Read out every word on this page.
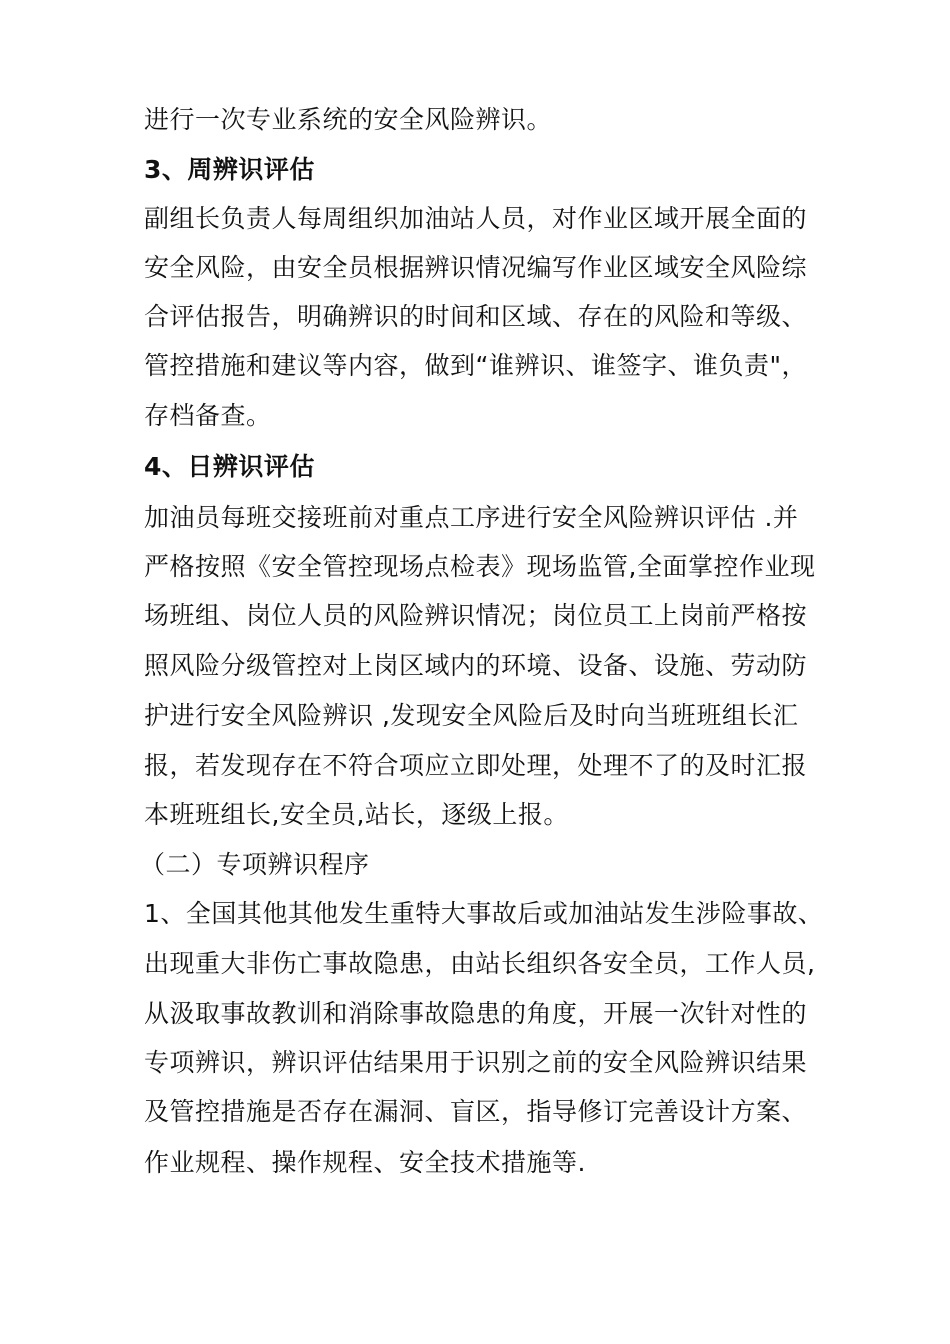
进行一次专业系统的安全风险辨识。
3、周辨识评估
副组长负责人每周组织加油站人员，对作业区域开展全面的
安全风险，由安全员根据辨识情况编写作业区域安全风险综
合评估报告，明确辨识的时间和区域、存在的风险和等级、
管控措施和建议等内容，做到“谁辨识、谁签字、谁负责"，
存档备查。
4、日辨识评估
加油员每班交接班前对重点工序进行安全风险辨识评估 .并
严格按照《安全管控现场点检表》现场监管,全面掌控作业现
场班组、岗位人员的风险辨识情况；岗位员工上岗前严格按
照风险分级管控对上岗区域内的环境、设备、设施、劳动防
护进行安全风险辨识 ,发现安全风险后及时向当班班组长汇
报，若发现存在不符合项应立即处理，处理不了的及时汇报
本班班组长,安全员,站长，逐级上报。
（二）专项辨识程序
1、全国其他其他发生重特大事故后或加油站发生涉险事故、
出现重大非伤亡事故隐患，由站长组织各安全员，工作人员,
从汲取事故教训和消除事故隐患的角度，开展一次针对性的
专项辨识，辨识评估结果用于识别之前的安全风险辨识结果
及管控措施是否存在漏洞、盲区，指导修订完善设计方案、
作业规程、操作规程、安全技术措施等.
